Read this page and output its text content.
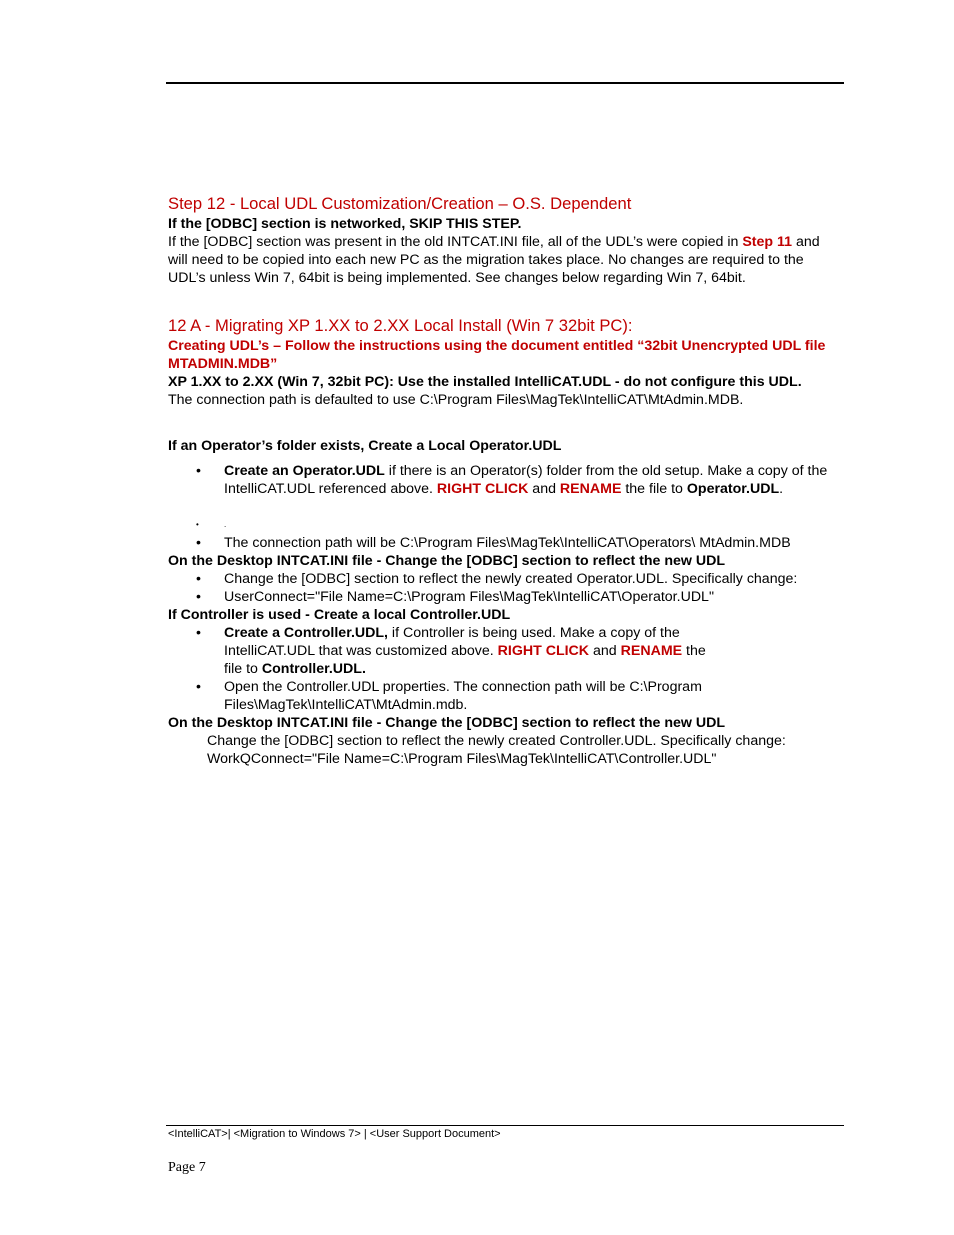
Step 12 - Local UDL Customization/Creation – O.S. Dependent

If the [ODBC] section is networked, SKIP THIS STEP.

If the [ODBC] section was present in the old INTCAT.INI file, all of the UDL’s were copied in Step 11 and will need to be copied into each new PC as the migration takes place. No changes are required to the UDL’s unless Win 7, 64bit is being implemented. See changes below regarding Win 7, 64bit.

12 A - Migrating XP 1.XX to 2.XX Local Install (Win 7 32bit PC):

Creating UDL’s – Follow the instructions using the document entitled “32bit Unencrypted UDL file MTADMIN.MDB”

XP 1.XX to 2.XX (Win 7, 32bit PC): Use the installed IntelliCAT.UDL - do not configure this UDL.

The connection path is defaulted to use C:\Program Files\MagTek\IntelliCAT\MtAdmin.MDB.

If an Operator’s folder exists, Create a Local Operator.UDL

• Create an Operator.UDL if there is an Operator(s) folder from the old setup. Make a copy of the IntelliCAT.UDL referenced above. RIGHT CLICK and RENAME the file to Operator.UDL.
• .
• The connection path will be C:\Program Files\MagTek\IntelliCAT\Operators\ MtAdmin.MDB

On the Desktop INTCAT.INI file - Change the [ODBC] section to reflect the new UDL

• Change the [ODBC] section to reflect the newly created Operator.UDL. Specifically change:
• UserConnect="File Name=C:\Program Files\MagTek\IntelliCAT\Operator.UDL"

If Controller is used - Create a local Controller.UDL

• Create a Controller.UDL, if Controller is being used. Make a copy of the IntelliCAT.UDL that was customized above. RIGHT CLICK and RENAME the file to Controller.UDL.
• Open the Controller.UDL properties. The connection path will be C:\Program Files\MagTek\IntelliCAT\MtAdmin.mdb.

On the Desktop INTCAT.INI file - Change the [ODBC] section to reflect the new UDL

Change the [ODBC] section to reflect the newly created Controller.UDL. Specifically change:

WorkQConnect="File Name=C:\Program Files\MagTek\IntelliCAT\Controller.UDL"

<IntelliCAT>| <Migration to Windows 7> | <User Support Document>
Page 7
